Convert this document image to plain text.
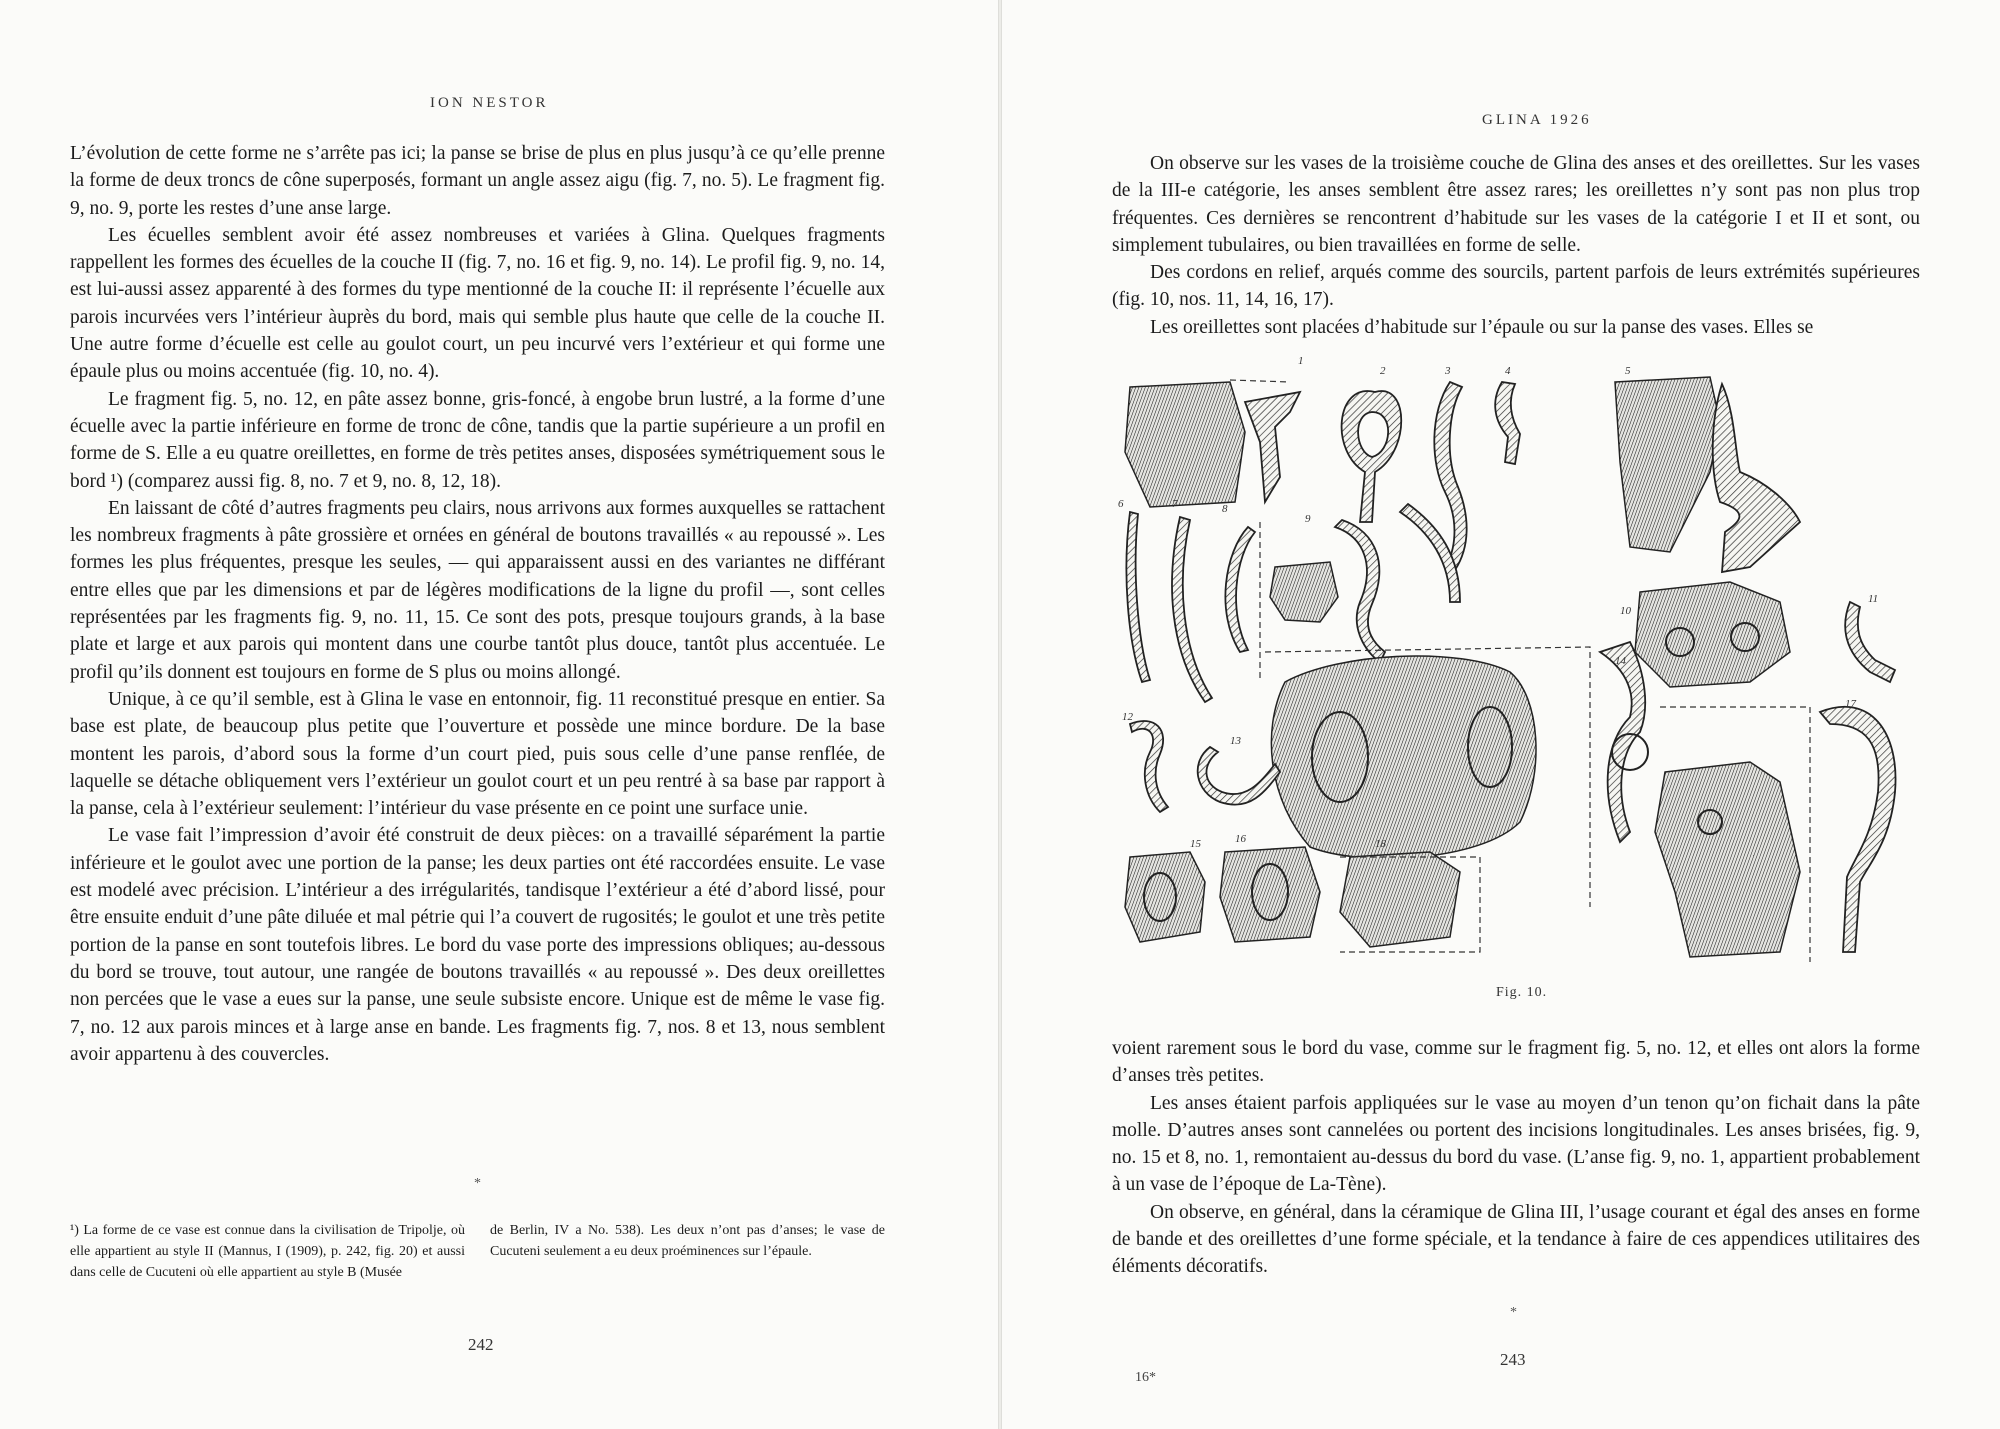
ION NESTOR

L’évolution de cette forme ne s’arrête pas ici; la panse se brise de plus en plus jusqu’à ce qu’elle prenne la forme de deux troncs de cône superposés, formant un angle assez aigu (fig. 7, no. 5). Le fragment fig. 9, no. 9, porte les restes d’une anse large.

Les écuelles semblent avoir été assez nombreuses et variées à Glina. Quelques fragments rappellent les formes des écuelles de la couche II (fig. 7, no. 16 et fig. 9, no. 14). Le profil fig. 9, no. 14, est lui-aussi assez apparenté à des formes du type mentionné de la couche II: il représente l’écuelle aux parois incurvées vers l’intérieur àuprès du bord, mais qui semble plus haute que celle de la couche II. Une autre forme d’écuelle est celle au goulot court, un peu incurvé vers l’extérieur et qui forme une épaule plus ou moins accentuée (fig. 10, no. 4).

Le fragment fig. 5, no. 12, en pâte assez bonne, gris-foncé, à engobe brun lustré, a la forme d’une écuelle avec la partie inférieure en forme de tronc de cône, tandis que la partie supérieure a un profil en forme de S. Elle a eu quatre oreillettes, en forme de très petites anses, disposées symétriquement sous le bord ¹) (comparez aussi fig. 8, no. 7 et 9, no. 8, 12, 18).

En laissant de côté d’autres fragments peu clairs, nous arrivons aux formes auxquelles se rattachent les nombreux fragments à pâte grossière et ornées en général de boutons travaillés « au repoussé ». Les formes les plus fréquentes, presque les seules, — qui apparaissent aussi en des variantes ne différant entre elles que par les dimensions et par de légères modifications de la ligne du profil —, sont celles représentées par les fragments fig. 9, no. 11, 15. Ce sont des pots, presque toujours grands, à la base plate et large et aux parois qui montent dans une courbe tantôt plus douce, tantôt plus accentuée. Le profil qu’ils donnent est toujours en forme de S plus ou moins allongé.

Unique, à ce qu’il semble, est à Glina le vase en entonnoir, fig. 11 reconstitué presque en entier. Sa base est plate, de beaucoup plus petite que l’ouverture et possède une mince bordure. De la base montent les parois, d’abord sous la forme d’un court pied, puis sous celle d’une panse renflée, de laquelle se détache obliquement vers l’extérieur un goulot court et un peu rentré à sa base par rapport à la panse, cela à l’extérieur seulement: l’intérieur du vase présente en ce point une surface unie.

Le vase fait l’impression d’avoir été construit de deux pièces: on a travaillé séparément la partie inférieure et le goulot avec une portion de la panse; les deux parties ont été raccordées ensuite. Le vase est modelé avec précision. L’intérieur a des irrégularités, tandisque l’extérieur a été d’abord lissé, pour être ensuite enduit d’une pâte diluée et mal pétrie qui l’a couvert de rugosités; le goulot et une très petite portion de la panse en sont toutefois libres. Le bord du vase porte des impressions obliques; au-dessous du bord se trouve, tout autour, une rangée de boutons travaillés « au repoussé ». Des deux oreillettes non percées que le vase a eues sur la panse, une seule subsiste encore. Unique est de même le vase fig. 7, no. 12 aux parois minces et à large anse en bande. Les fragments fig. 7, nos. 8 et 13, nous semblent avoir appartenu à des couvercles.

*

¹) La forme de ce vase est connue dans la civilisation de Tripolje, où elle appartient au style II (Mannus, I (1909), p. 242, fig. 20) et aussi dans celle de Cucuteni où elle appartient au style B (Musée

de Berlin, IV a No. 538). Les deux n’ont pas d’anses; le vase de Cucuteni seulement a eu deux proéminences sur l’épaule.

242
GLINA 1926

On observe sur les vases de la troisième couche de Glina des anses et des oreillettes. Sur les vases de la III-e catégorie, les anses semblent être assez rares; les oreillettes n’y sont pas non plus trop fréquentes. Ces dernières se rencontrent d’habitude sur les vases de la catégorie I et II et sont, ou simplement tubulaires, ou bien travaillées en forme de selle.

Des cordons en relief, arqués comme des sourcils, partent parfois de leurs extrémités supérieures (fig. 10, nos. 11, 14, 16, 17).

Les oreillettes sont placées d’habitude sur l’épaule ou sur la panse des vases. Elles se

1
2	3	4	5
6	7	8
9
10
11
14
12
13
17
15	16	18
Fig. 10.

voient rarement sous le bord du vase, comme sur le fragment fig. 5, no. 12, et elles ont alors la forme d’anses très petites.

Les anses étaient parfois appliquées sur le vase au moyen d’un tenon qu’on fichait dans la pâte molle. D’autres anses sont cannelées ou portent des incisions longitudinales. Les anses brisées, fig. 9, no. 15 et 8, no. 1, remontaient au-dessus du bord du vase. (L’anse fig. 9, no. 1, appartient probablement à un vase de l’époque de La-Tène).

On observe, en général, dans la céramique de Glina III, l’usage courant et égal des anses en forme de bande et des oreillettes d’une forme spéciale, et la tendance à faire de ces appendices utilitaires des éléments décoratifs.

*
243
16*
